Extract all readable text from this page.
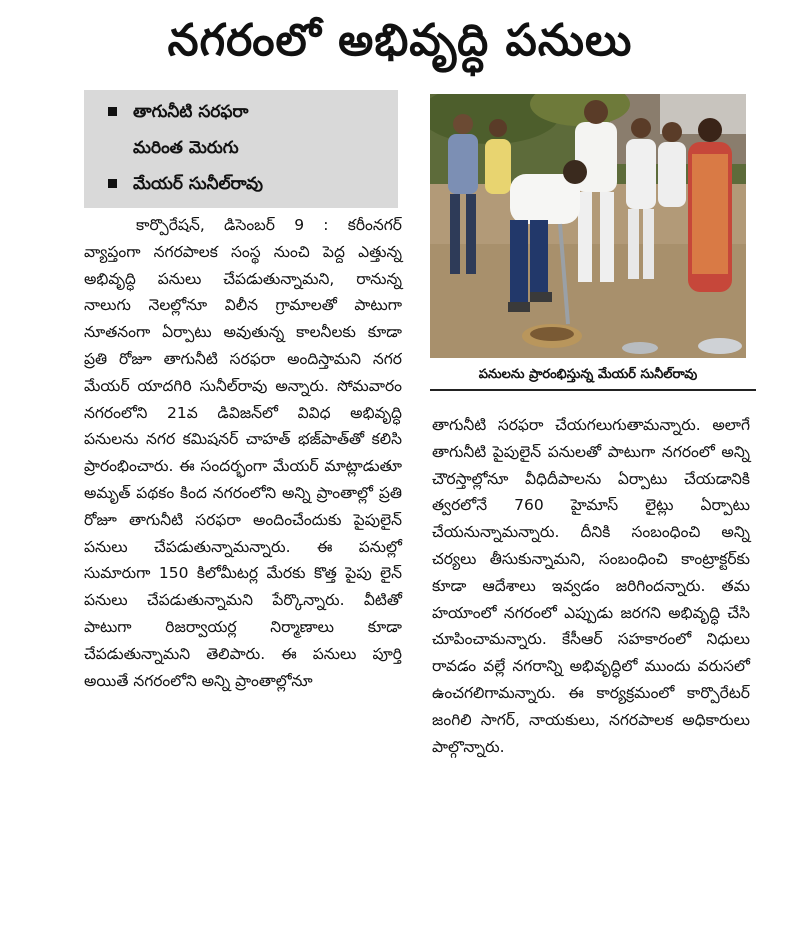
నగరంలో అభివృద్ధి పనులు
తాగునీటి సరఫరా
మరింత మెరుగు
మేయర్ సునీల్‌రావు
పనులను ప్రారంభిస్తున్న మేయర్ సునీల్‌రావు
కార్పొరేషన్, డిసెంబర్ 9 : కరీంనగర్ వ్యాప్తంగా నగరపాలక సంస్థ నుంచి పెద్ద ఎత్తున్న అభివృద్ధి పనులు చేపడుతున్నామని, రానున్న నాలుగు నెలల్లోనూ విలీన గ్రామాలతో పాటుగా నూతనంగా ఏర్పాటు అవుతున్న కాలనీలకు కూడా ప్రతి రోజూ తాగునీటి సరఫరా అందిస్తామని నగర మేయర్ యాదగిరి సునీల్‌రావు అన్నారు. సోమవారం నగరంలోని 21వ డివిజన్‌లో వివిధ అభివృద్ధి పనులను నగర కమిషనర్ చాహత్ భజ్‌పాత్‌తో కలిసి ప్రారంభించారు. ఈ సందర్భంగా మేయర్ మాట్లాడుతూ అమృత్ పథకం కింద నగరంలోని అన్ని ప్రాంతాల్లో ప్రతి రోజూ తాగునీటి సరఫరా అందించేందుకు పైపులైన్ పనులు చేపడుతున్నామన్నారు. ఈ పనుల్లో సుమారుగా 150 కిలోమీటర్ల మేరకు కొత్త పైపు లైన్ పనులు చేపడుతున్నామని పేర్కొన్నారు. వీటితో పాటుగా రిజర్వాయర్ల నిర్మాణాలు కూడా చేపడుతున్నామని తెలిపారు. ఈ పనులు పూర్తి అయితే నగరంలోని అన్ని ప్రాంతాల్లోనూ
తాగునీటి సరఫరా చేయగలుగుతామన్నారు. అలాగే తాగునీటి పైపులైన్ పనులతో పాటుగా నగరంలో అన్ని చౌరస్తాల్లోనూ వీధిదీపాలను ఏర్పాటు చేయడానికి త్వరలోనే 760 హైమాస్ లైట్లు ఏర్పాటు చేయనున్నామన్నారు. దీనికి సంబంధించి అన్ని చర్యలు తీసుకున్నామని, సంబంధించి కాంట్రాక్టర్‌కు కూడా ఆదేశాలు ఇవ్వడం జరిగిందన్నారు. తమ హయాంలో నగరంలో ఎప్పుడు జరగని అభివృద్ధి చేసి చూపించామన్నారు. కేసీఆర్ సహకారంలో నిధులు రావడం వల్లే నగరాన్ని అభివృద్ధిలో ముందు వరుసలో ఉంచగలిగామన్నారు. ఈ కార్యక్రమంలో కార్పొరేటర్ జంగిలి సాగర్, నాయకులు, నగరపాలక అధికారులు పాల్గొన్నారు.
